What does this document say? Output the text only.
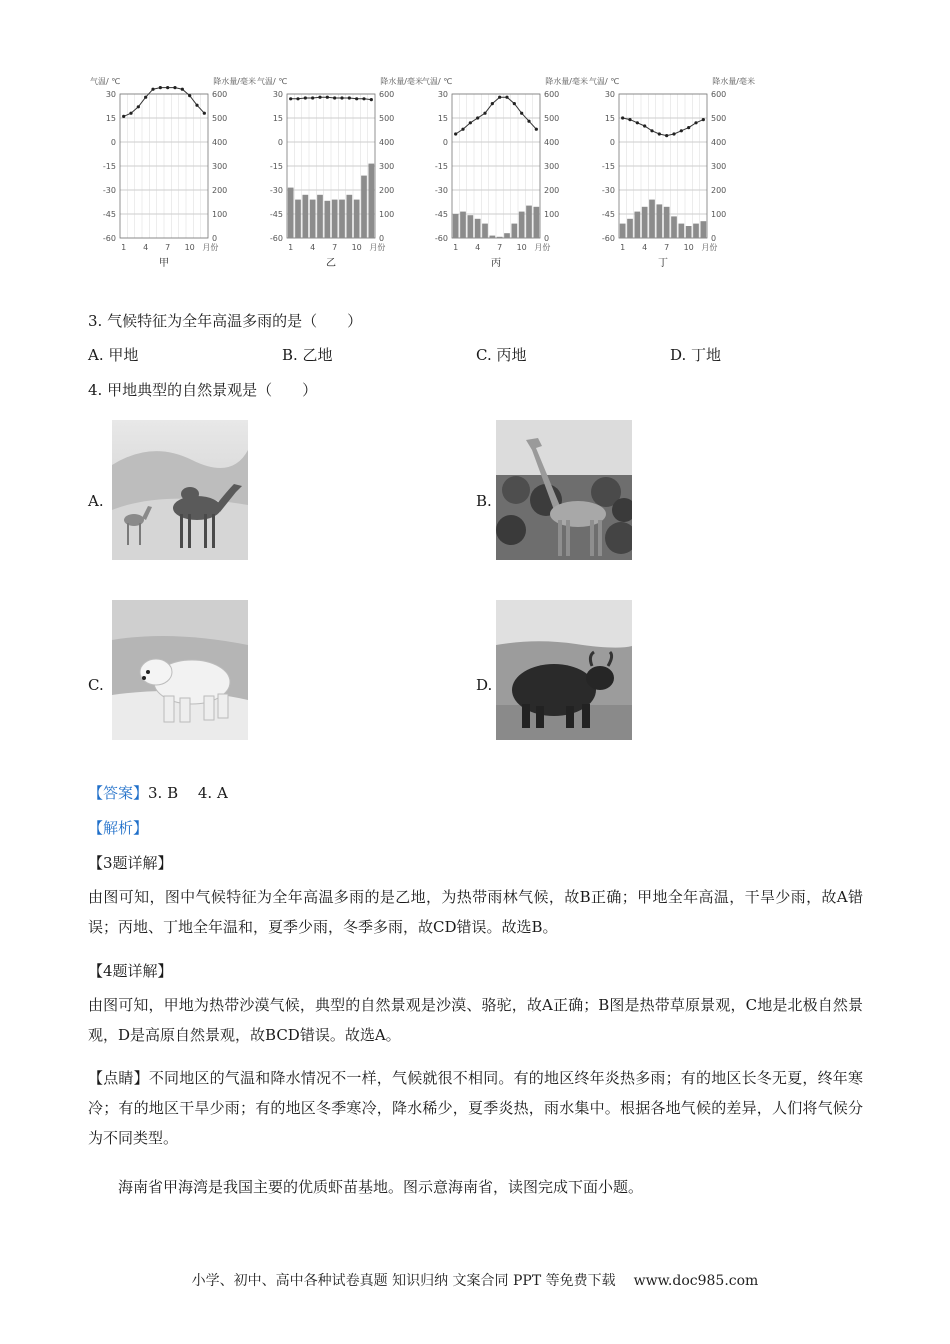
气温/ ℃	降水量/毫米
30	600
15	500
0	400
-15	300
-30	200
-45	100
-60	0
1 4 7 10 月份
甲
气温/ ℃	降水量/毫米
30	600
15	500
0	400
-15	300
-30	200
-45	100
-60	0
1 4 7 10 月份
乙
气温/ ℃	降水量/毫米
30	600
15	500
0	400
-15	300
-30	200
-45	100
-60	0
1 4 7 10 月份
丙
气温/ ℃	降水量/毫米
30	600
15	500
0	400
-15	300
-30	200
-45	100
-60	0
1 4 7 10 月份
丁
3. 气候特征为全年高温多雨的是（　　）
A. 甲地	B. 乙地	C. 丙地	D. 丁地
4. 甲地典型的自然景观是（　　）
A.	B.
C.	D.
【答案】3. B　 4. A
【解析】
【3题详解】
由图可知，图中气候特征为全年高温多雨的是乙地，为热带雨林气候，故B正确；甲地全年高温，干旱少雨，故A错误；丙地、丁地全年温和，夏季少雨，冬季多雨，故CD错误。故选B。
【4题详解】
由图可知，甲地为热带沙漠气候，典型的自然景观是沙漠、骆驼，故A正确；B图是热带草原景观，C地是北极自然景观，D是高原自然景观，故BCD错误。故选A。
【点睛】不同地区的气温和降水情况不一样，气候就很不相同。有的地区终年炎热多雨；有的地区长冬无夏，终年寒冷；有的地区干旱少雨；有的地区冬季寒冷，降水稀少，夏季炎热，雨水集中。根据各地气候的差异，人们将气候分为不同类型。
海南省甲海湾是我国主要的优质虾苗基地。图示意海南省，读图完成下面小题。
小学、初中、高中各种试卷真题 知识归纳 文案合同 PPT 等免费下载 www.doc985.com
